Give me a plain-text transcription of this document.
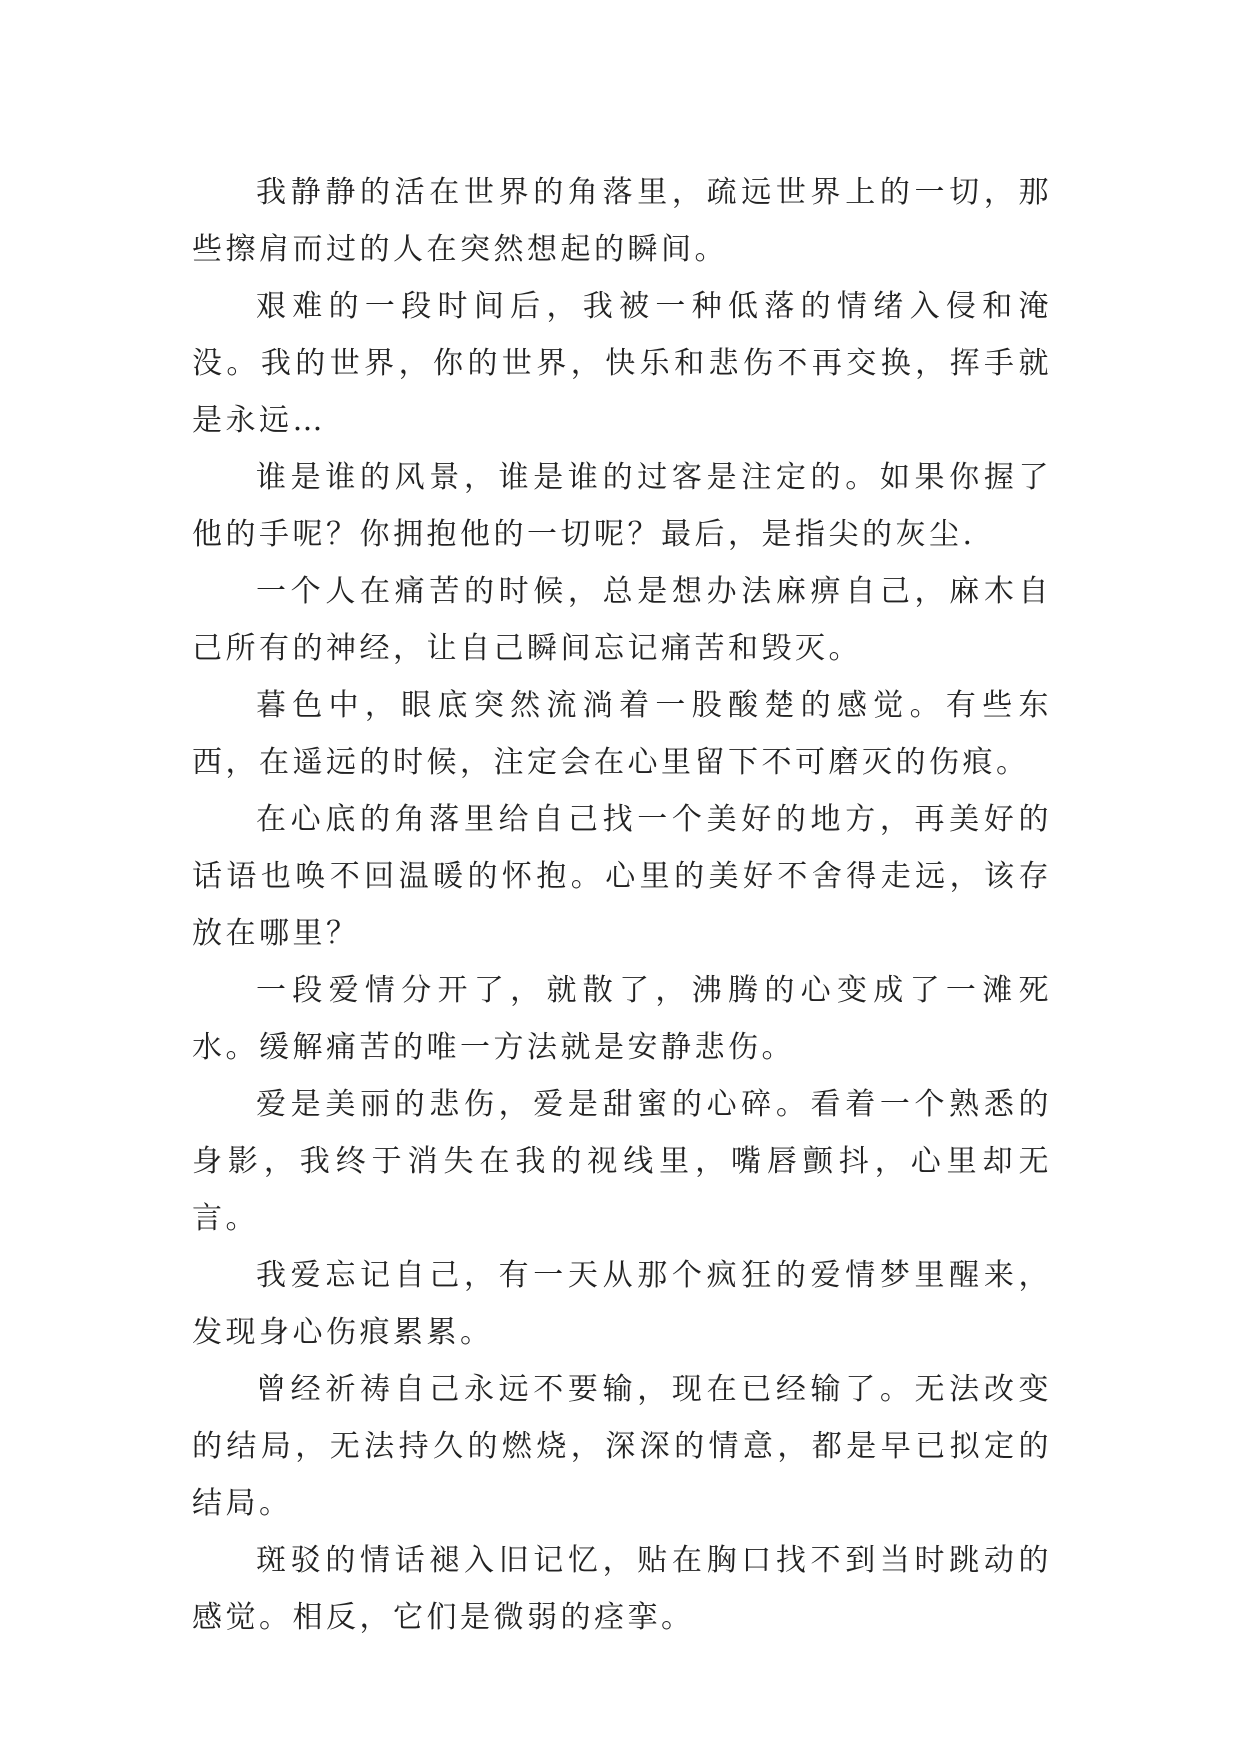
我静静的活在世界的角落里，疏远世界上的一切，那些擦肩而过的人在突然想起的瞬间。

艰难的一段时间后，我被一种低落的情绪入侵和淹没。我的世界，你的世界，快乐和悲伤不再交换，挥手就是永远…

谁是谁的风景，谁是谁的过客是注定的。如果你握了他的手呢？你拥抱他的一切呢？最后，是指尖的灰尘.

一个人在痛苦的时候，总是想办法麻痹自己，麻木自己所有的神经，让自己瞬间忘记痛苦和毁灭。

暮色中，眼底突然流淌着一股酸楚的感觉。有些东西，在遥远的时候，注定会在心里留下不可磨灭的伤痕。

在心底的角落里给自己找一个美好的地方，再美好的话语也唤不回温暖的怀抱。心里的美好不舍得走远，该存放在哪里？

一段爱情分开了，就散了，沸腾的心变成了一滩死水。缓解痛苦的唯一方法就是安静悲伤。

爱是美丽的悲伤，爱是甜蜜的心碎。看着一个熟悉的身影，我终于消失在我的视线里，嘴唇颤抖，心里却无言。

我爱忘记自己，有一天从那个疯狂的爱情梦里醒来，发现身心伤痕累累。

曾经祈祷自己永远不要输，现在已经输了。无法改变的结局，无法持久的燃烧，深深的情意，都是早已拟定的结局。

斑驳的情话褪入旧记忆，贴在胸口找不到当时跳动的感觉。相反，它们是微弱的痉挛。
